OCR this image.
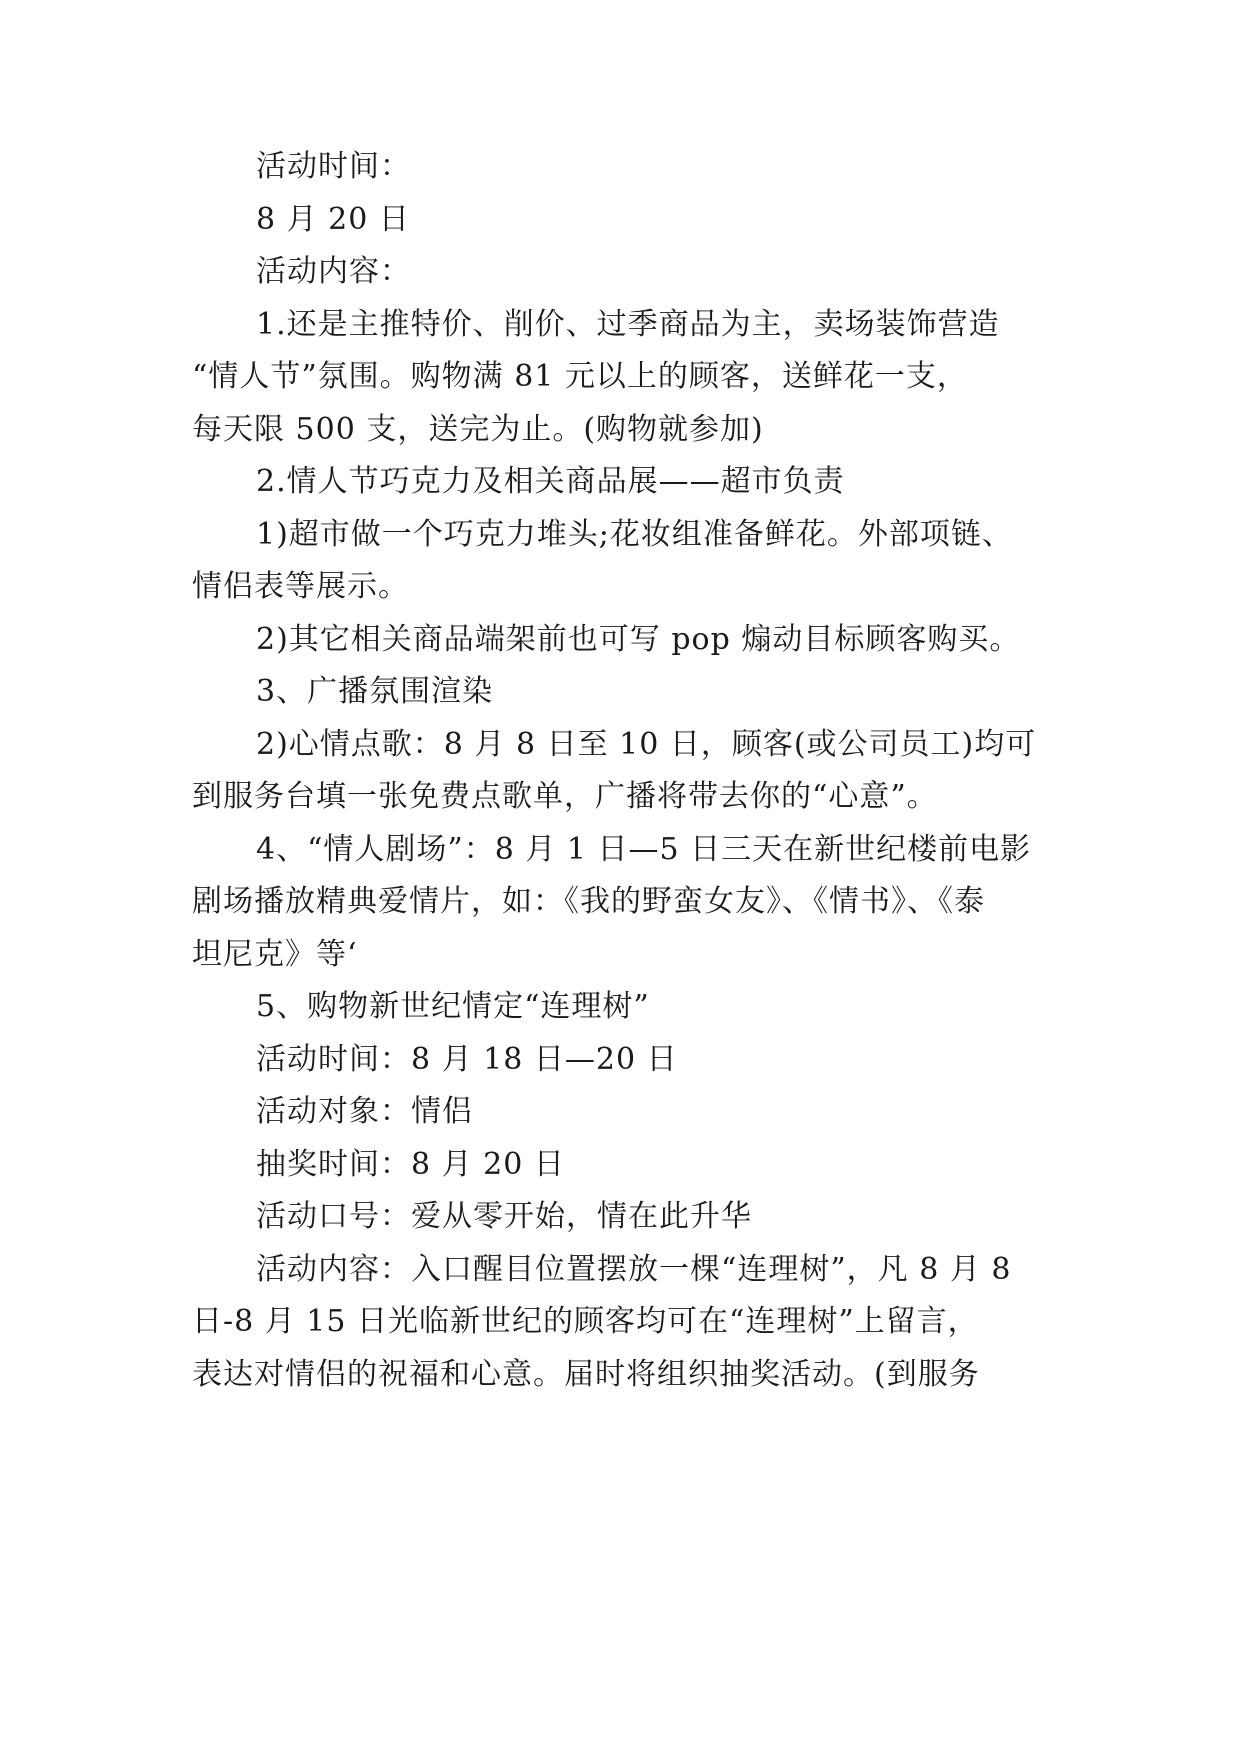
活动时间：
8 月 20 日
活动内容：
1.还是主推特价、削价、过季商品为主，卖场装饰营造
“情人节”氛围。购物满 81 元以上的顾客，送鲜花一支，
每天限 500 支，送完为止。(购物就参加)
2.情人节巧克力及相关商品展——超市负责
1)超市做一个巧克力堆头;花妆组准备鲜花。外部项链、
情侣表等展示。
2)其它相关商品端架前也可写 pop 煽动目标顾客购买。
3、广播氛围渲染
2)心情点歌：8 月 8 日至 10 日，顾客(或公司员工)均可
到服务台填一张免费点歌单，广播将带去你的“心意”。
4、“情人剧场”：8 月 1 日—5 日三天在新世纪楼前电影
剧场播放精典爱情片，如：《我的野蛮女友》、《情书》、《泰
坦尼克》等‘
5、购物新世纪情定“连理树”
活动时间：8 月 18 日—20 日
活动对象：情侣
抽奖时间：8 月 20 日
活动口号：爱从零开始，情在此升华
活动内容：入口醒目位置摆放一棵“连理树”，凡 8 月 8
日-8 月 15 日光临新世纪的顾客均可在“连理树”上留言，
表达对情侣的祝福和心意。届时将组织抽奖活动。(到服务
